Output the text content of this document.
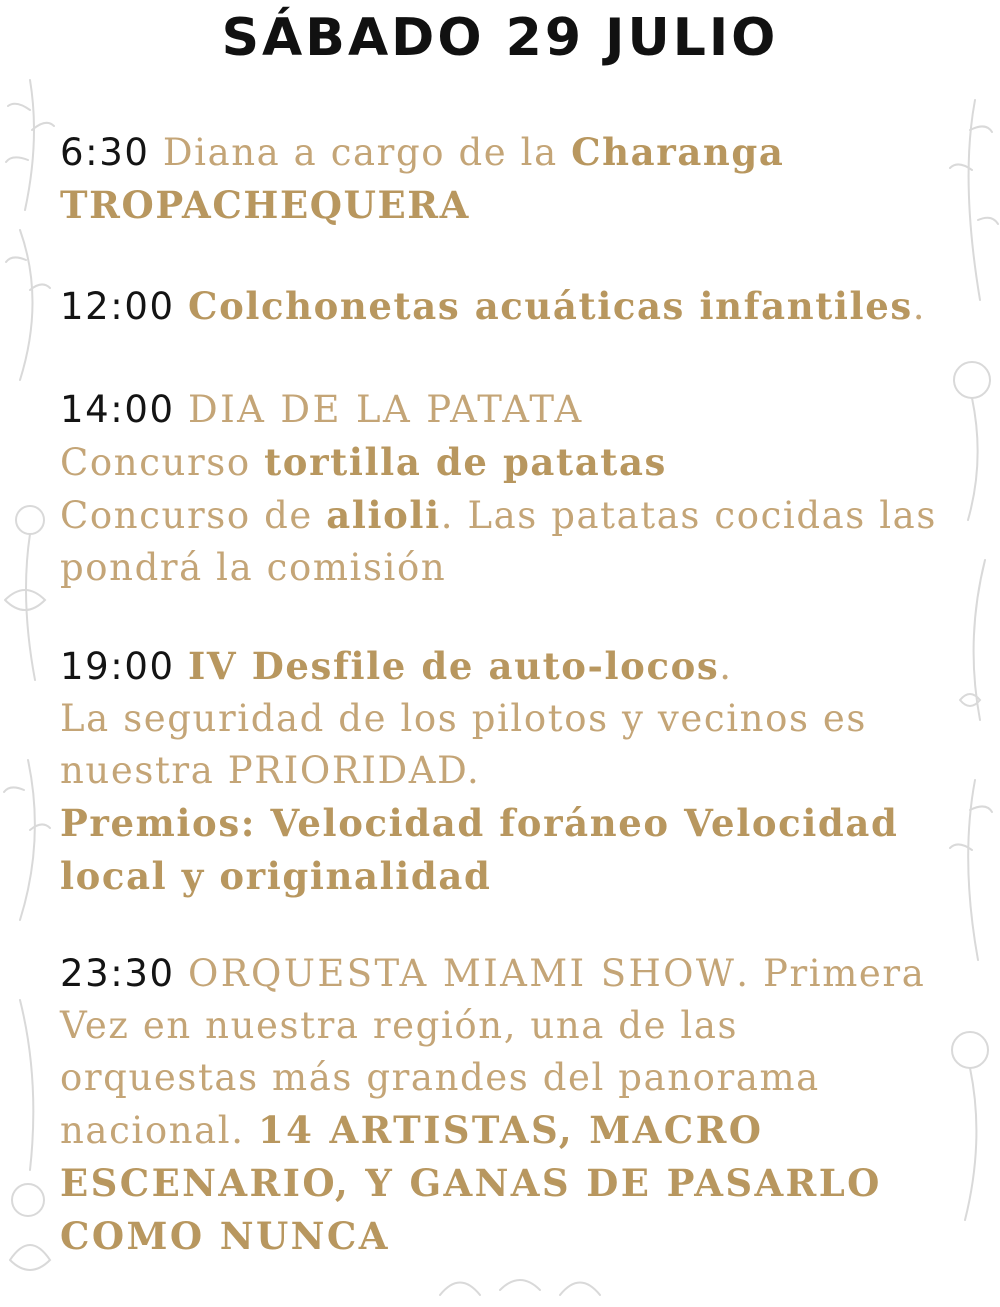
SÁBADO 29 JULIO

6:30 Diana a cargo de la Charanga TROPACHEQUERA

12:00 Colchonetas acuáticas infantiles.

14:00 DIA DE LA PATATA
Concurso tortilla de patatas
Concurso de alioli. Las patatas cocidas las pondrá la comisión

19:00 IV Desfile de auto-locos.
La seguridad de los pilotos y vecinos es nuestra PRIORIDAD.
Premios: Velocidad foráneo Velocidad local y originalidad

23:30 ORQUESTA MIAMI SHOW. Primera Vez en nuestra región, una de las orquestas más grandes del panorama nacional. 14 ARTISTAS, MACRO ESCENARIO, Y GANAS DE PASARLO COMO NUNCA
